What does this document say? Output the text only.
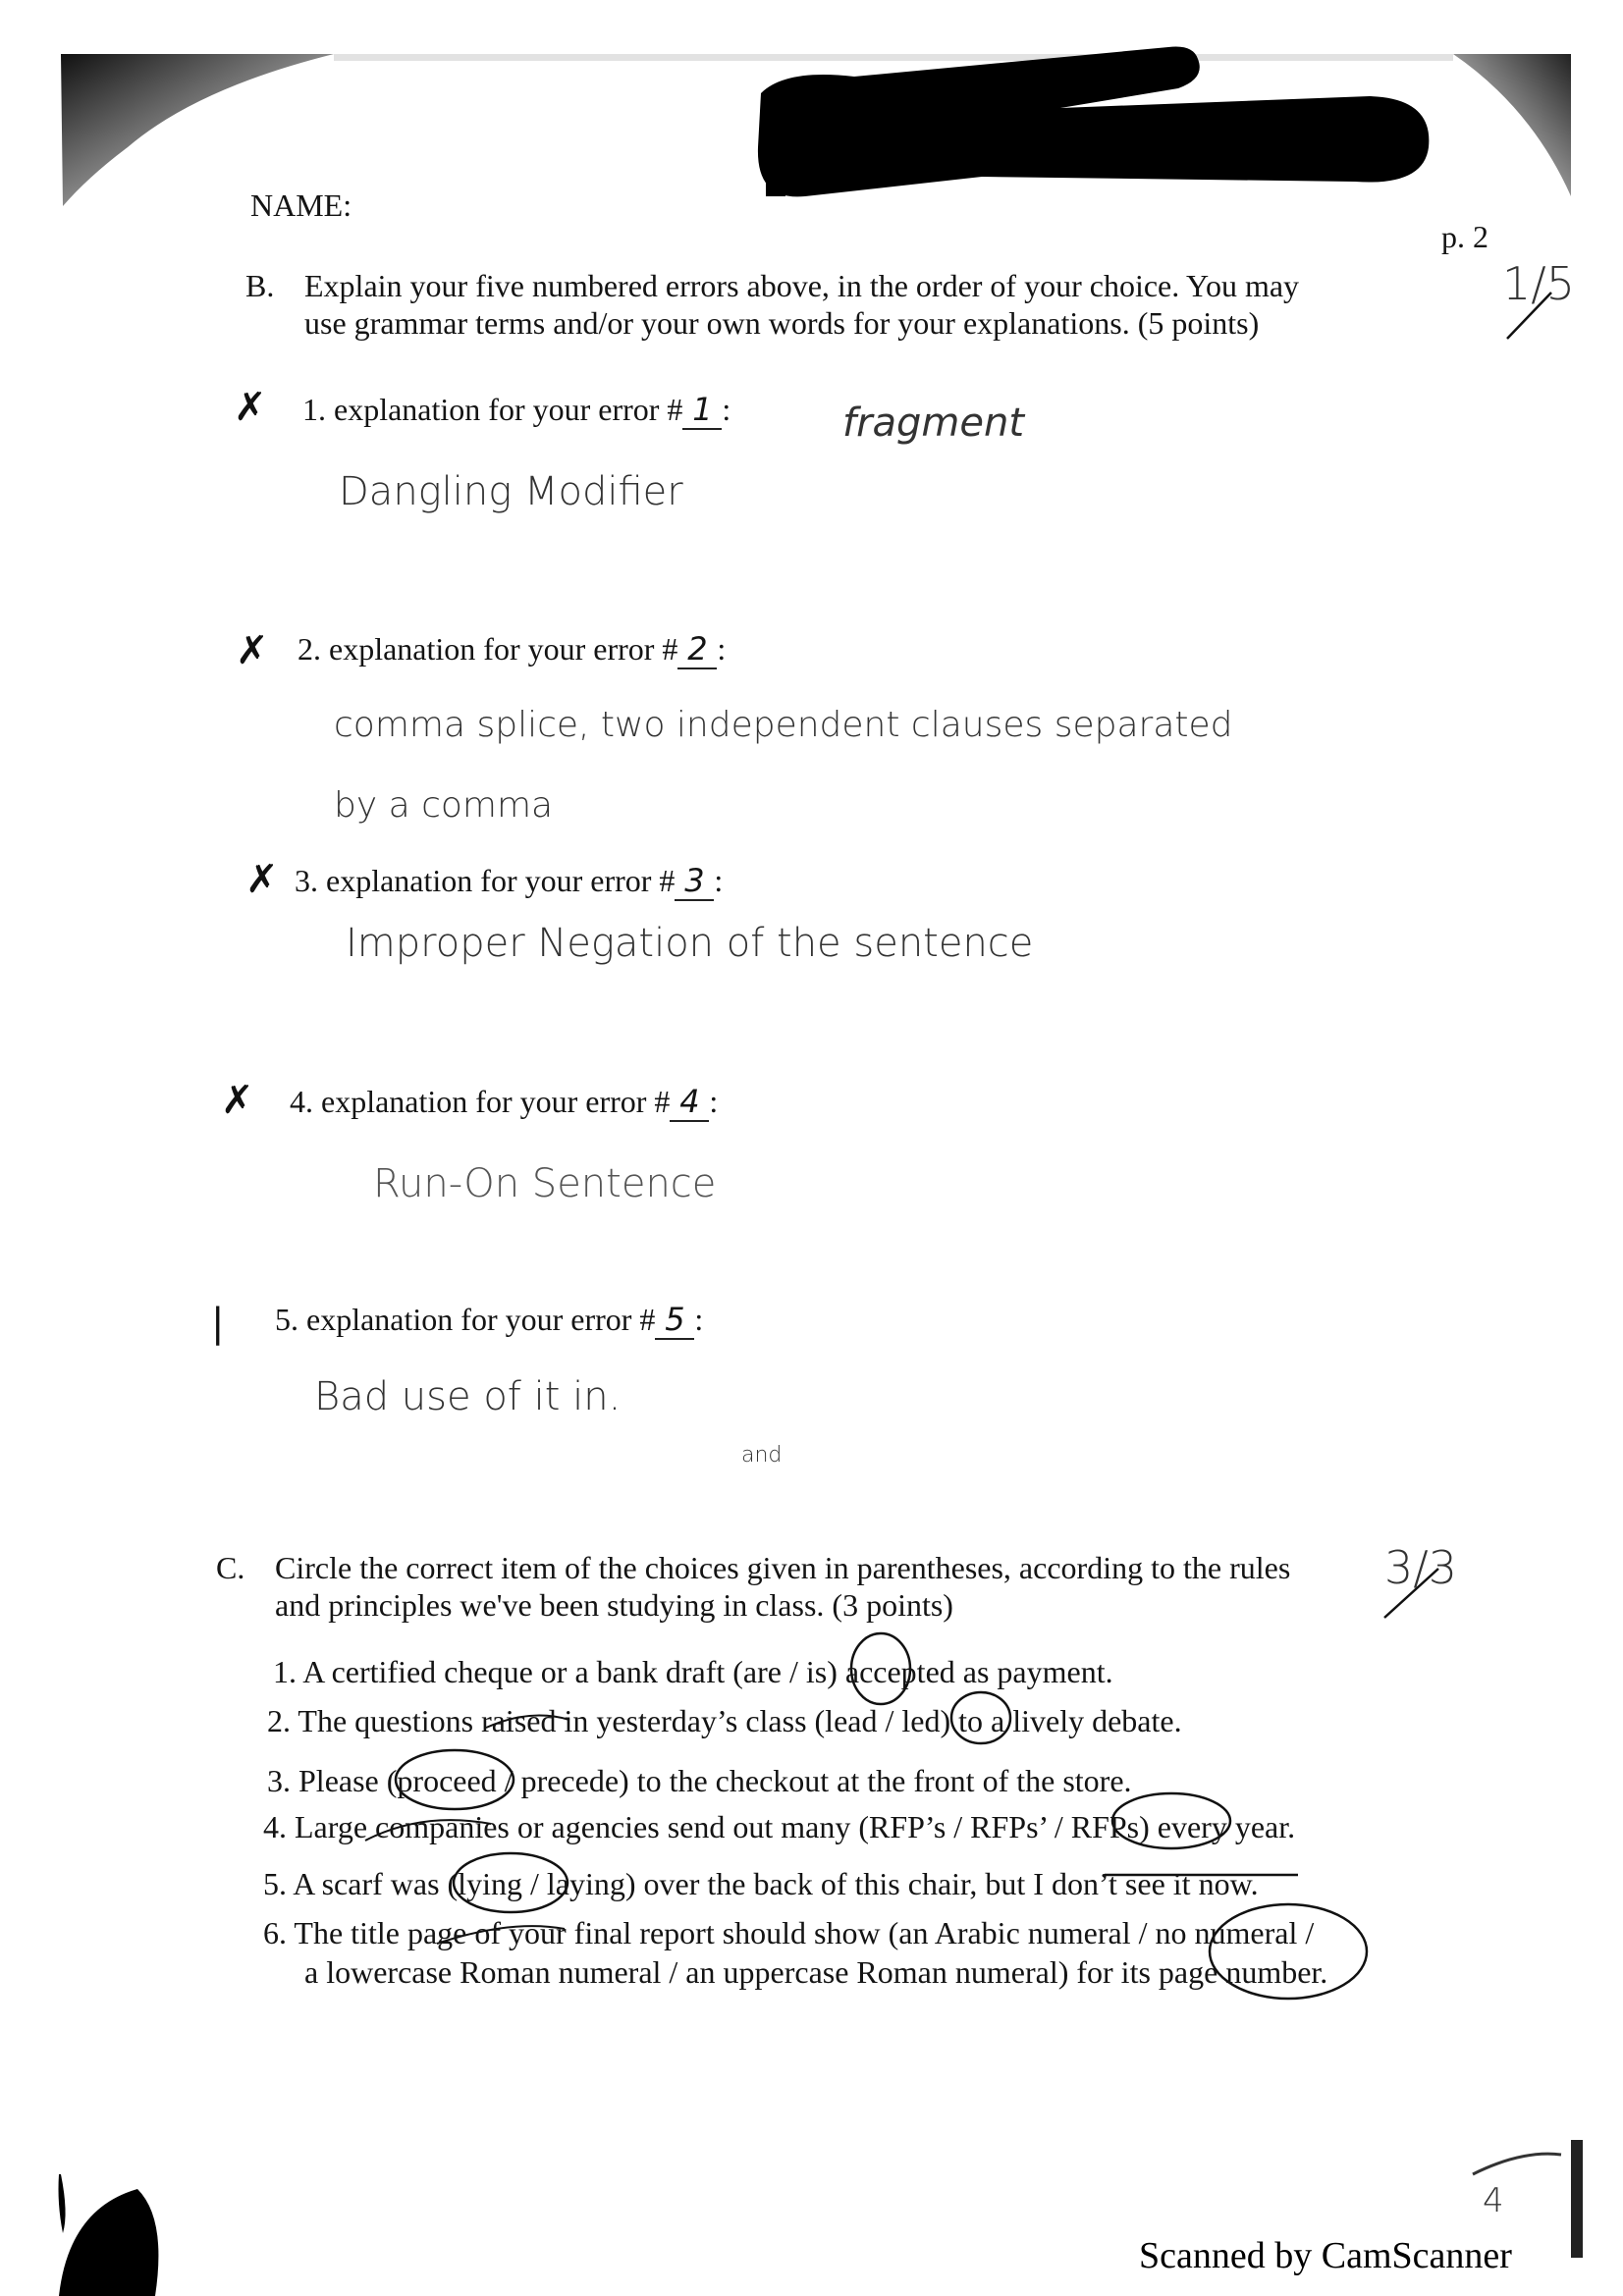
NAME:
p. 2
B. Explain your five numbered errors above, in the order of your choice. You may
use grammar terms and/or your own words for your explanations. (5 points)
1/5
✗ 1. explanation for your error # 1 :	fragment
Dangling Modifier
✗ 2. explanation for your error # 2 :
comma splice, two independent clauses separated
by a comma
✗ 3. explanation for your error # 3 :
Improper Negation of the sentence
✗ 4. explanation for your error # 4 :
Run-On Sentence
| 5. explanation for your error # 5 :
Bad use of it in.
and
C. Circle the correct item of the choices given in parentheses, according to the rules
and principles we've been studying in class. (3 points)
3/3
1. A certified cheque or a bank draft (are / is) accepted as payment.
2. The questions raised in yesterday’s class (lead / led) to a lively debate.
3. Please (proceed / precede) to the checkout at the front of the store.
4. Large companies or agencies send out many (RFP’s / RFPs’ / RFPs) every year.
5. A scarf was (lying / laying) over the back of this chair, but I don’t see it now.
6. The title page of your final report should show (an Arabic numeral / no numeral /
a lowercase Roman numeral / an uppercase Roman numeral) for its page number.
4
Scanned by CamScanner
